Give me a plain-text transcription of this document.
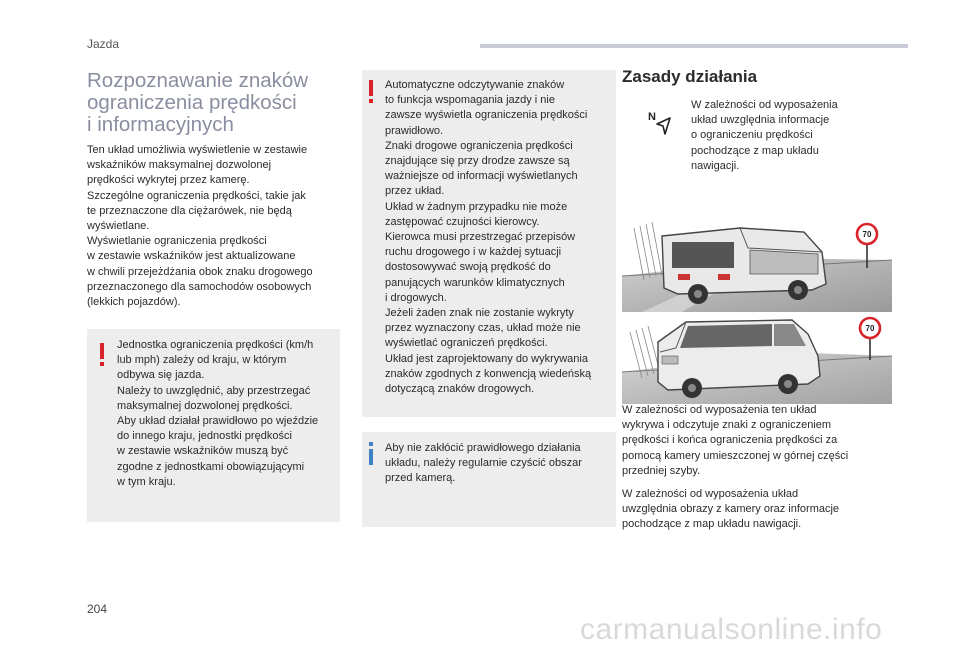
Jazda
Rozpoznawanie znaków
ograniczenia prędkości
i informacyjnych
Ten układ umożliwia wyświetlenie w zestawie
wskaźników maksymalnej dozwolonej
prędkości wykrytej przez kamerę.
Szczególne ograniczenia prędkości, takie jak
te przeznaczone dla ciężarówek, nie będą
wyświetlane.
Wyświetlanie ograniczenia prędkości
w zestawie wskaźników jest aktualizowane
w chwili przejeżdżania obok znaku drogowego
przeznaczonego dla samochodów osobowych
(lekkich pojazdów).
Jednostka ograniczenia prędkości (km/h
lub mph) zależy od kraju, w którym
odbywa się jazda.
Należy to uwzględnić, aby przestrzegać
maksymalnej dozwolonej prędkości.
Aby układ działał prawidłowo po wjeździe
do innego kraju, jednostki prędkości
w zestawie wskaźników muszą być
zgodne z jednostkami obowiązującymi
w tym kraju.
Automatyczne odczytywanie znaków
to funkcja wspomagania jazdy i nie
zawsze wyświetla ograniczenia prędkości
prawidłowo.
Znaki drogowe ograniczenia prędkości
znajdujące się przy drodze zawsze są
ważniejsze od informacji wyświetlanych
przez układ.
Układ w żadnym przypadku nie może
zastępować czujności kierowcy.
Kierowca musi przestrzegać przepisów
ruchu drogowego i w każdej sytuacji
dostosowywać swoją prędkość do
panujących warunków klimatycznych
i drogowych.
Jeżeli żaden znak nie zostanie wykryty
przez wyznaczony czas, układ może nie
wyświetlać ograniczeń prędkości.
Układ jest zaprojektowany do wykrywania
znaków zgodnych z konwencją wiedeńską
dotyczącą znaków drogowych.
Aby nie zakłócić prawidłowego działania
układu, należy regularnie czyścić obszar
przed kamerą.
Zasady działania
N
W zależności od wyposażenia
układ uwzględnia informacje
o ograniczeniu prędkości
pochodzące z map układu
nawigacji.
70
70
W zależności od wyposażenia ten układ
wykrywa i odczytuje znaki z ograniczeniem
prędkości i końca ograniczenia prędkości za
pomocą kamery umieszczonej w górnej części
przedniej szyby.
W zależności od wyposażenia układ
uwzględnia obrazy z kamery oraz informacje
pochodzące z map układu nawigacji.
204
carmanualsonline.info
